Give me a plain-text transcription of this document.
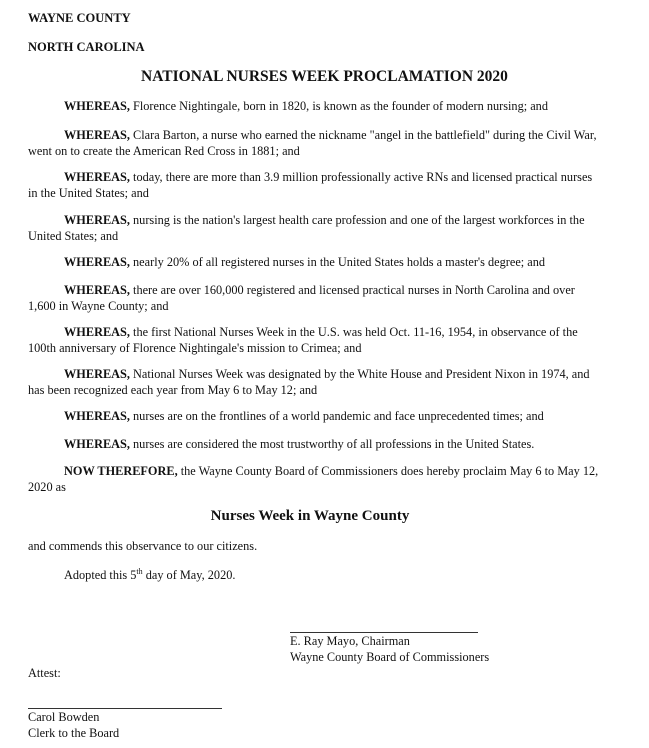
WAYNE COUNTY
NORTH CAROLINA
NATIONAL NURSES WEEK PROCLAMATION 2020
WHEREAS, Florence Nightingale, born in 1820, is known as the founder of modern nursing; and
WHEREAS, Clara Barton, a nurse who earned the nickname "angel in the battlefield" during the Civil War, went on to create the American Red Cross in 1881; and
WHEREAS, today, there are more than 3.9 million professionally active RNs and licensed practical nurses in the United States; and
WHEREAS, nursing is the nation's largest health care profession and one of the largest workforces in the United States; and
WHEREAS, nearly 20% of all registered nurses in the United States holds a master's degree; and
WHEREAS, there are over 160,000 registered and licensed practical nurses in North Carolina and over 1,600 in Wayne County; and
WHEREAS, the first National Nurses Week in the U.S. was held Oct. 11-16, 1954, in observance of the 100th anniversary of Florence Nightingale's mission to Crimea; and
WHEREAS, National Nurses Week was designated by the White House and President Nixon in 1974, and has been recognized each year from May 6 to May 12; and
WHEREAS, nurses are on the frontlines of a world pandemic and face unprecedented times; and
WHEREAS, nurses are considered the most trustworthy of all professions in the United States.
NOW THEREFORE, the Wayne County Board of Commissioners does hereby proclaim May 6 to May 12, 2020 as
Nurses Week in Wayne County
and commends this observance to our citizens.
Adopted this 5th day of May, 2020.
E. Ray Mayo, Chairman
Wayne County Board of Commissioners
Attest:
Carol Bowden
Clerk to the Board
